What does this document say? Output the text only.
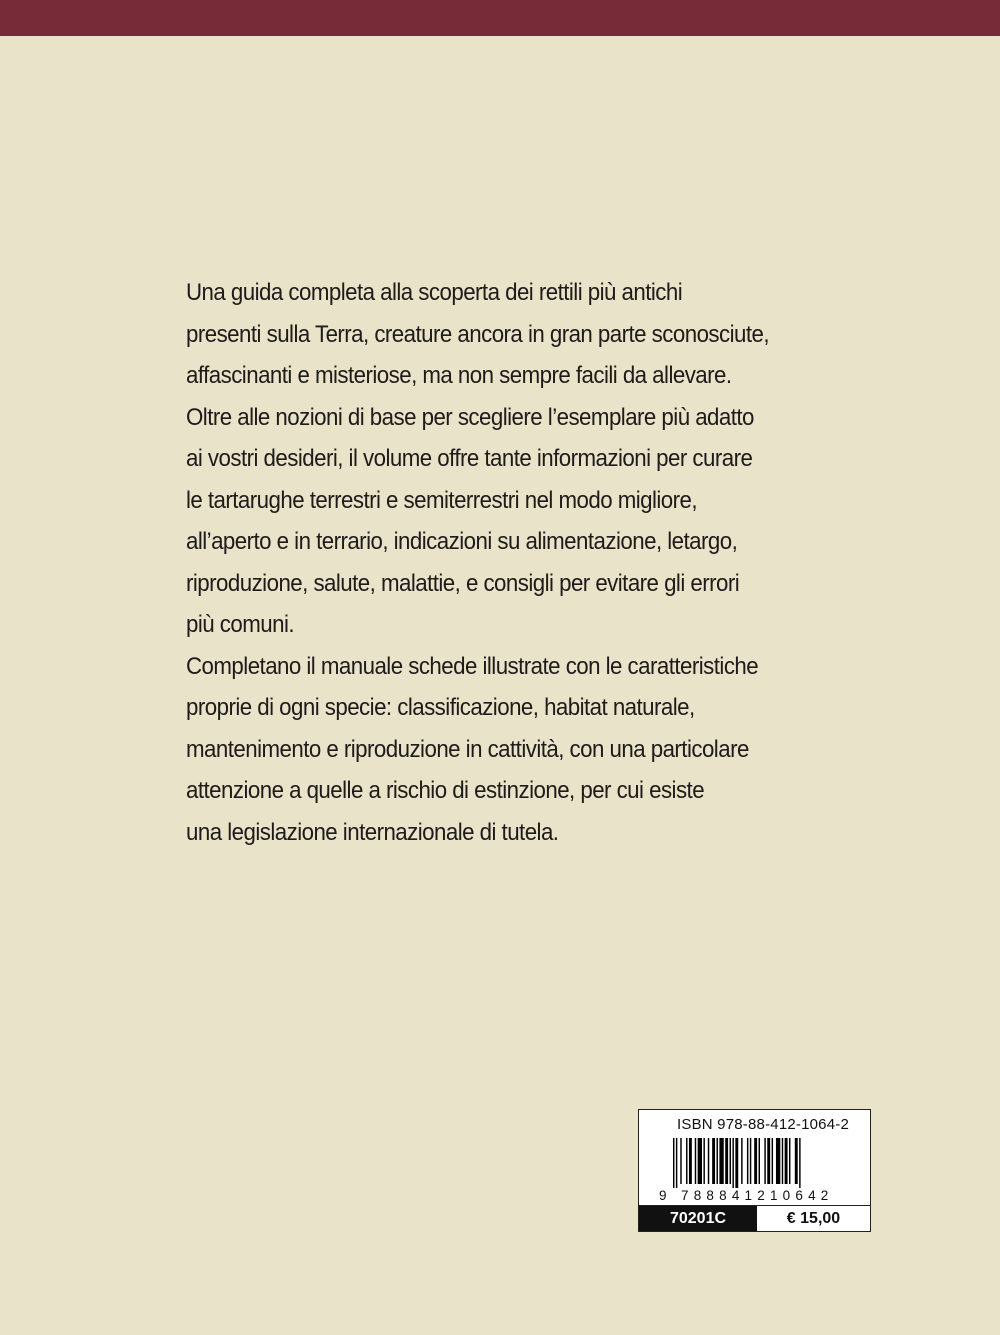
Una guida completa alla scoperta dei rettili più antichi
presenti sulla Terra, creature ancora in gran parte sconosciute,
affascinanti e misteriose, ma non sempre facili da allevare.
Oltre alle nozioni di base per scegliere l’esemplare più adatto
ai vostri desideri, il volume offre tante informazioni per curare
le tartarughe terrestri e semiterrestri nel modo migliore,
all’aperto e in terrario, indicazioni su alimentazione, letargo,
riproduzione, salute, malattie, e consigli per evitare gli errori
più comuni.
Completano il manuale schede illustrate con le caratteristiche
proprie di ogni specie: classificazione, habitat naturale,
mantenimento e riproduzione in cattività, con una particolare
attenzione a quelle a rischio di estinzione, per cui esiste
una legislazione internazionale di tutela.
ISBN 978-88-412-1064-2
9 788841210642
70201C	€ 15,00
